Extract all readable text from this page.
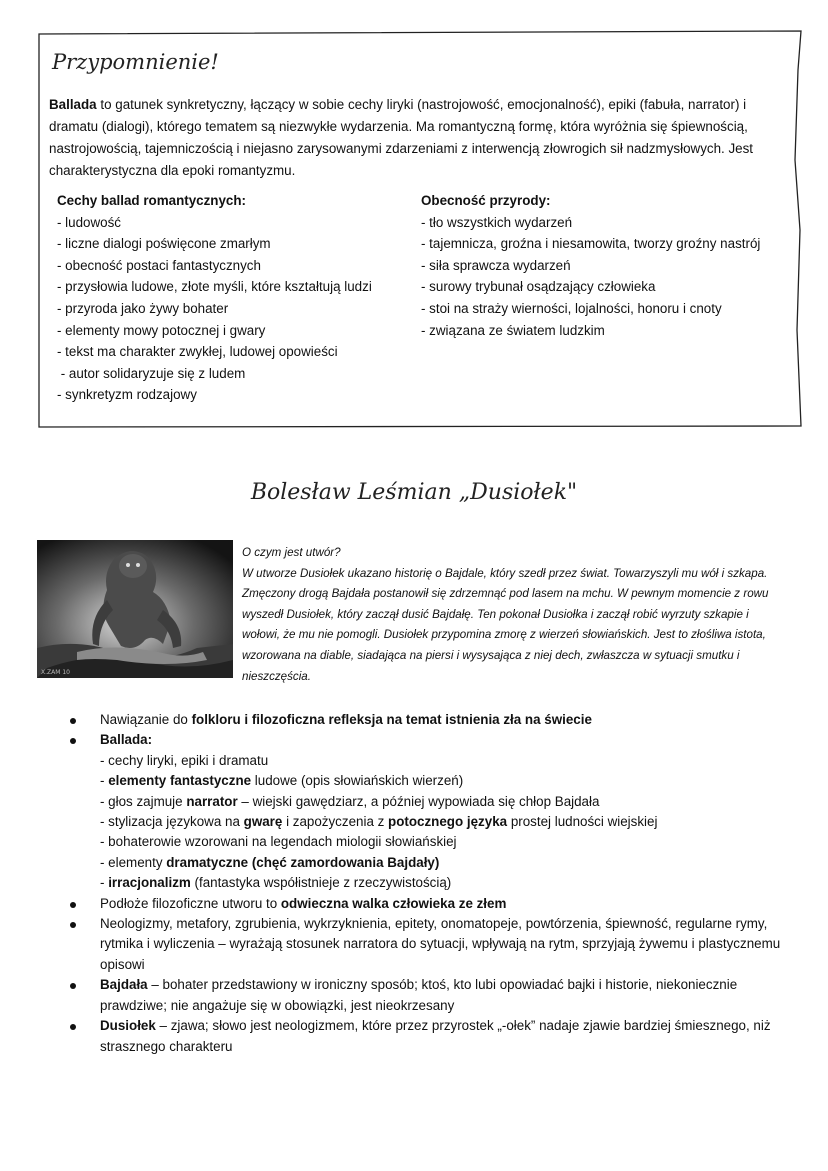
Przypomnienie!
Ballada to gatunek synkretyczny, łączący w sobie cechy liryki (nastrojowość, emocjonalność), epiki (fabuła, narrator) i dramatu (dialogi), którego tematem są niezwykłe wydarzenia. Ma romantyczną formę, która wyróżnia się śpiewnością, nastrojowością, tajemniczością i niejasno zarysowanymi zdarzeniami z interwencją złowrogich sił nadzmysłowych. Jest charakterystyczna dla epoki romantyzmu.
Cechy ballad romantycznych:
- ludowość
- liczne dialogi poświęcone zmarłym
- obecność postaci fantastycznych
- przysłowia ludowe, złote myśli, które kształtują ludzi
- przyroda jako żywy bohater
- elementy mowy potocznej i gwary
- tekst ma charakter zwykłej, ludowej opowieści
- autor solidaryzuje się z ludem
- synkretyzm rodzajowy
Obecność przyrody:
- tło wszystkich wydarzeń
- tajemnicza, groźna i niesamowita, tworzy groźny nastrój
- siła sprawcza wydarzeń
- surowy trybunał osądzający człowieka
- stoi na straży wierności, lojalności, honoru i cnoty
- związana ze światem ludzkim
Bolesław Leśmian „Dusiołek"
X.ZAM 10

O czym jest utwór?

W utworze Dusiołek ukazano historię o Bajdale, który szedł przez świat. Towarzyszyli mu wół i szkapa. Zmęczony drogą Bajdała postanowił się zdrzemnąć pod lasem na mchu. W pewnym momencie z rowu wyszedł Dusiołek, który zaczął dusić Bajdałę. Ten pokonał Dusiołka i zaczął robić wyrzuty szkapie i wołowi, że mu nie pomogli. Dusiołek przypomina zmorę z wierzeń słowiańskich. Jest to złośliwa istota, wzorowana na diable, siadająca na piersi i wysysająca z niej dech, zwłaszcza w sytuacji smutku i nieszczęścia.

Nawiązanie do folkloru i filozoficzna refleksja na temat istnienia zła na świecie
Ballada:
- cechy liryki, epiki i dramatu
- elementy fantastyczne ludowe (opis słowiańskich wierzeń)
- głos zajmuje narrator – wiejski gawędziarz, a później wypowiada się chłop Bajdała
- stylizacja językowa na gwarę i zapożyczenia z potocznego języka prostej ludności wiejskiej
- bohaterowie wzorowani na legendach miologii słowiańskiej
- elementy dramatyczne (chęć zamordowania Bajdały)
- irracjonalizm (fantastyka współistnieje z rzeczywistością)
Podłoże filozoficzne utworu to odwieczna walka człowieka ze złem
Neologizmy, metafory, zgrubienia, wykrzyknienia, epitety, onomatopeje, powtórzenia, śpiewność, regularne rymy, rytmika i wyliczenia – wyrażają stosunek narratora do sytuacji, wpływają na rytm, sprzyjają żywemu i plastycznemu opisowi
Bajdała – bohater przedstawiony w ironiczny sposób; ktoś, kto lubi opowiadać bajki i historie, niekoniecznie prawdziwe; nie angażuje się w obowiązki, jest nieokrzesany
Dusiołek – zjawa; słowo jest neologizmem, które przez przyrostek „-ołek” nadaje zjawie bardziej śmiesznego, niż strasznego charakteru
